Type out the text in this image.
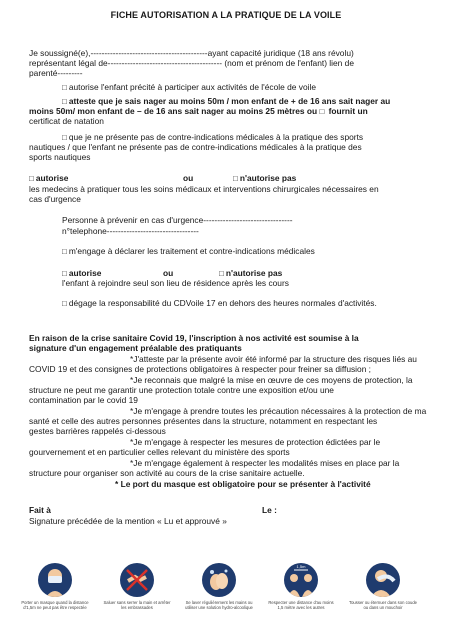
FICHE AUTORISATION A LA PRATIQUE DE LA VOILE
Je soussigné(e),------------------------------------------ayant capacité juridique (18 ans révolu)
représentant légal de----------------------------------------- (nom et prénom de l'enfant) lien de
parenté---------
□ autorise l'enfant précité à participer aux activités de l'école de voile
□ atteste que je sais nager au moins 50m / mon enfant de + de 16 ans sait nager au
moins 50m/ mon enfant de – de 16 ans sait nager au moins 25 mètres ou □ fournit un
certificat de natation
□ que je ne présente pas de contre-indications médicales à la pratique des sports
nautiques / que l'enfant ne présente pas de contre-indications médicales à la pratique des
sports nautiques
□ autorise	ou	□ n'autorise pas
les medecins à pratiquer tous les soins médicaux et interventions chirurgicales nécessaires en
cas d'urgence
Personne à prévenir en cas d'urgence--------------------------------
n°telephone---------------------------------
□ m'engage à déclarer les traitement et contre-indications médicales
□ autorise	ou	□ n'autorise pas
l'enfant à rejoindre seul son lieu de résidence après les cours
□ dégage la responsabilité du CDVoile 17 en dehors des heures normales d'activités.
En raison de la crise sanitaire Covid 19, l'inscription à nos activité est soumise à la
signature d'un engagement préalable des pratiquants
*J'atteste par la présente avoir été informé par la structure des risques liés au
COVID 19 et des consignes de protections obligatoires à respecter pour freiner sa diffusion ;
*Je reconnais que malgré la mise en œuvre de ces moyens de protection, la
structure ne peut me garantir une protection totale contre une exposition et/ou une
contamination par le covid 19
*Je m'engage à prendre toutes les précaution nécessaires à la protection de ma
santé et celle des autres personnes présentes dans la structure, notamment en respectant les
gestes barrières rappelés ci-dessous
*Je m'engage à respecter les mesures de protection édictées par le
gourvernement et en particulier celles relevant du ministère des sports
*Je m'engage également à respecter les modalités mises en place par la
structure pour organiser son activité au cours de la crise sanitaire actuelle.
* Le port du masque est obligatoire pour se présenter à l'activité
Fait à	Le :
Signature précédée de la mention « Lu et approuvé »
Porter un masque quand la distance d'1,5m ne peut pas être respectée
Saluer sans serrer la main et arrêter les embrassades
Se laver régulièrement les mains ou utiliser une solution hydro-alcoolique
1,5m
Respecter une distance d'au moins 1,5 mètre avec les autres
Tousser ou éternuer dans son coude ou dans un mouchoir
